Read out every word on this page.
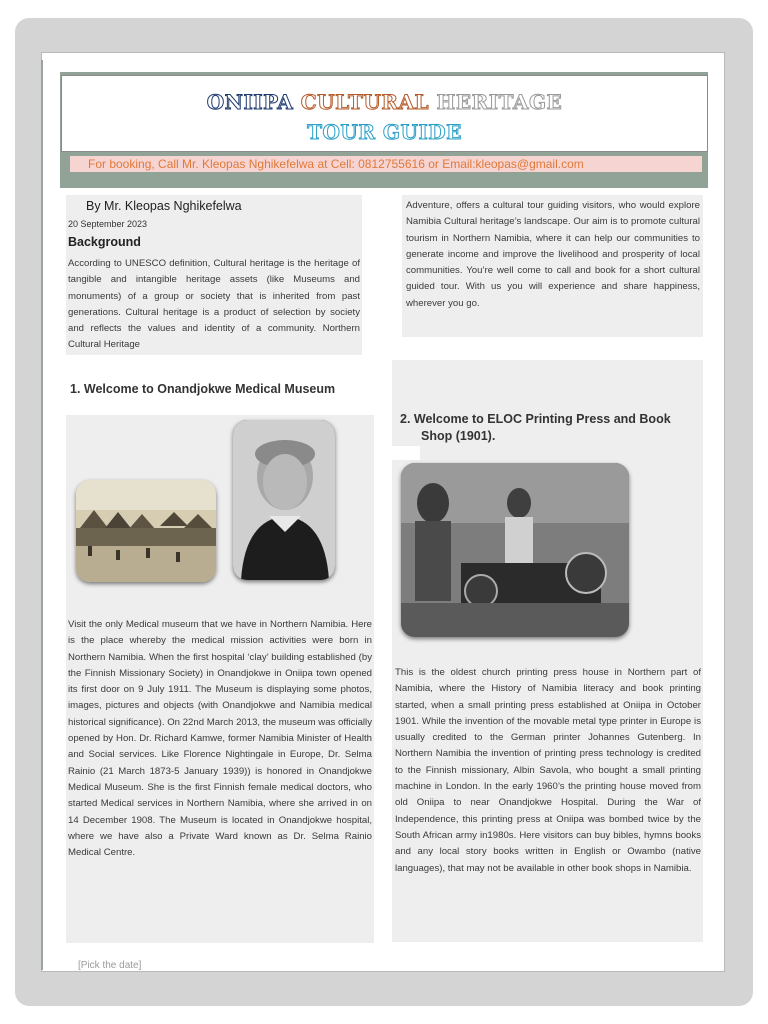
ONIIPA CULTURAL HERITAGE
TOUR GUIDE
For booking, Call Mr. Kleopas Nghikefelwa at Cell: 0812755616 or Email:kleopas@gmail.com
By Mr. Kleopas Nghikefelwa
20 September 2023
Background
According to UNESCO definition, Cultural heritage is the heritage of tangible and intangible heritage assets (like Museums and monuments) of a group or society that is inherited from past generations. Cultural heritage is a product of selection by society and reflects the values and identity of a community. Northern Cultural Heritage
Adventure, offers a cultural tour guiding visitors, who would explore Namibia Cultural heritage’s landscape. Our aim is to promote cultural tourism in Northern Namibia, where it can help our communities to generate income and improve the livelihood and prosperity of local communities. You’re well come to call and book for a short cultural guided tour. With us you will experience and share happiness, wherever you go.
1. Welcome to Onandjokwe Medical Museum
Visit the only Medical museum that we have in Northern Namibia. Here is the place whereby the medical mission activities were born in Northern Namibia. When the first hospital ‘clay’ building established (by the Finnish Missionary Society) in Onandjokwe in Oniipa town opened its first door on 9 July 1911. The Museum is displaying some photos, images, pictures and objects (with Onandjokwe and Namibia medical historical significance). On 22nd March 2013, the museum was officially opened by Hon. Dr. Richard Kamwe, former Namibia Minister of Health and Social services. Like Florence Nightingale in Europe, Dr. Selma Rainio (21 March 1873-5 January 1939)) is honored in Onandjokwe Medical Museum. She is the first Finnish female medical doctors, who started Medical services in Northern Namibia, where she arrived in on 14 December 1908. The Museum is located in Onandjokwe hospital, where we have also a Private Ward known as Dr. Selma Rainio Medical Centre.
2. Welcome to ELOC Printing Press and Book
Shop (1901).
This is the oldest church printing press house in Northern part of Namibia, where the History of Namibia literacy and book printing started, when a small printing press established at Oniipa in October 1901. While the invention of the movable metal type printer in Europe is usually credited to the German printer Johannes Gutenberg. In Northern Namibia the invention of printing press technology is credited to the Finnish missionary, Albin Savola, who bought a small printing machine in London. In the early 1960’s the printing house moved from old Oniipa to near Onandjokwe Hospital. During the War of Independence, this printing press at Oniipa was bombed twice by the South African army in1980s. Here visitors can buy bibles, hymns books and any local story books written in English or Owambo (native languages), that may not be available in other book shops in Namibia.
[Pick the date]
